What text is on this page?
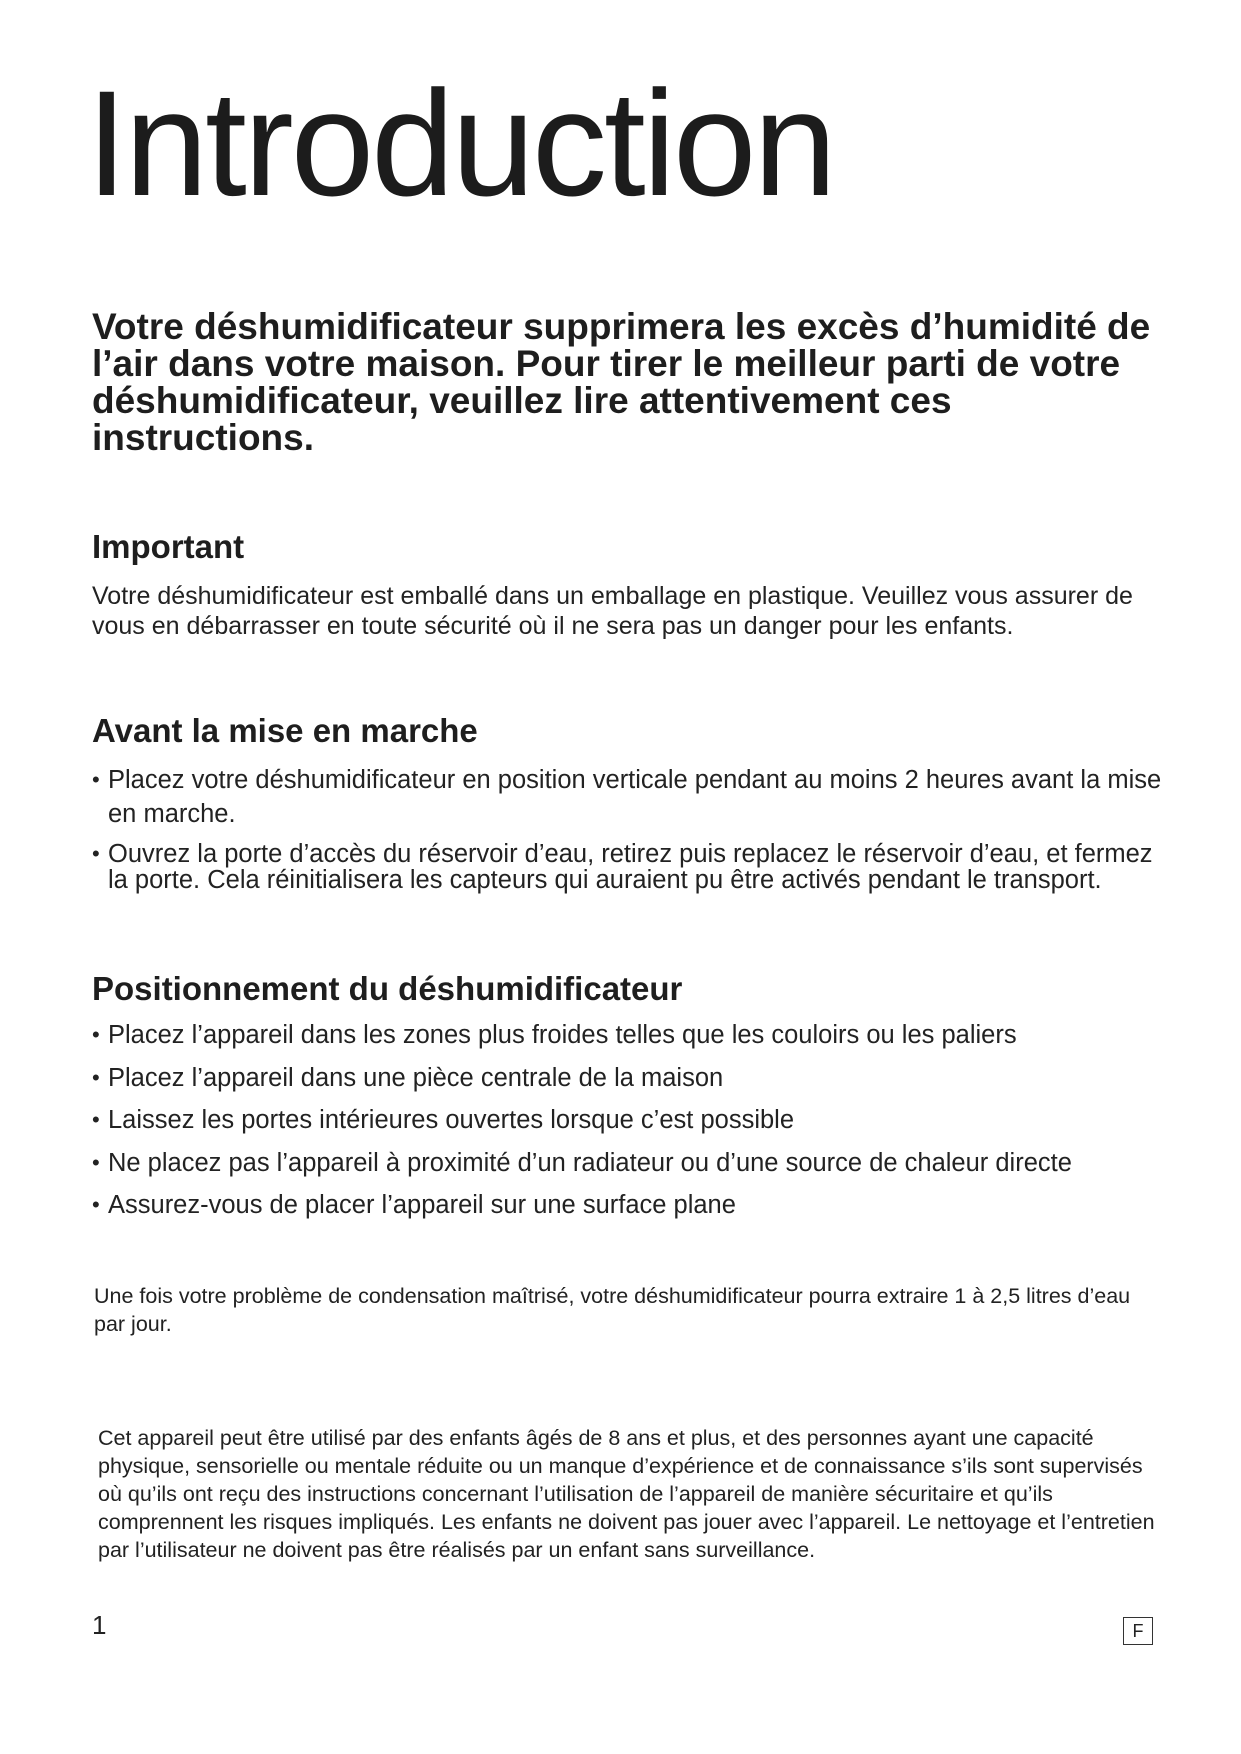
Introduction

Votre déshumidificateur supprimera les excès d’humidité de l’air dans votre maison. Pour tirer le meilleur parti de votre déshumidificateur, veuillez lire attentivement ces instructions.

Important

Votre déshumidificateur est emballé dans un emballage en plastique. Veuillez vous assurer de vous en débarrasser en toute sécurité où il ne sera pas un danger pour les enfants.

Avant la mise en marche
• Placez votre déshumidificateur en position verticale pendant au moins 2 heures avant la mise en marche.
• Ouvrez la porte d’accès du réservoir d’eau, retirez puis replacez le réservoir d’eau, et fermez la porte. Cela réinitialisera les capteurs qui auraient pu être activés pendant le transport.
Positionnement du déshumidificateur
• Placez l’appareil dans les zones plus froides telles que les couloirs ou les paliers
• Placez l’appareil dans une pièce centrale de la maison
• Laissez les portes intérieures ouvertes lorsque c’est possible
• Ne placez pas l’appareil à proximité d’un radiateur ou d’une source de chaleur directe
• Assurez-vous de placer l’appareil sur une surface plane

Une fois votre problème de condensation maîtrisé, votre déshumidificateur pourra extraire 1 à 2,5 litres d’eau par jour.

Cet appareil peut être utilisé par des enfants âgés de 8 ans et plus, et des personnes ayant une capacité physique, sensorielle ou mentale réduite ou un manque d’expérience et de connaissance s’ils sont supervisés où qu’ils ont reçu des instructions concernant l’utilisation de l’appareil de manière sécuritaire et qu’ils comprennent les risques impliqués. Les enfants ne doivent pas jouer avec l’appareil. Le nettoyage et l’entretien par l’utilisateur ne doivent pas être réalisés par un enfant sans surveillance.

1	F
